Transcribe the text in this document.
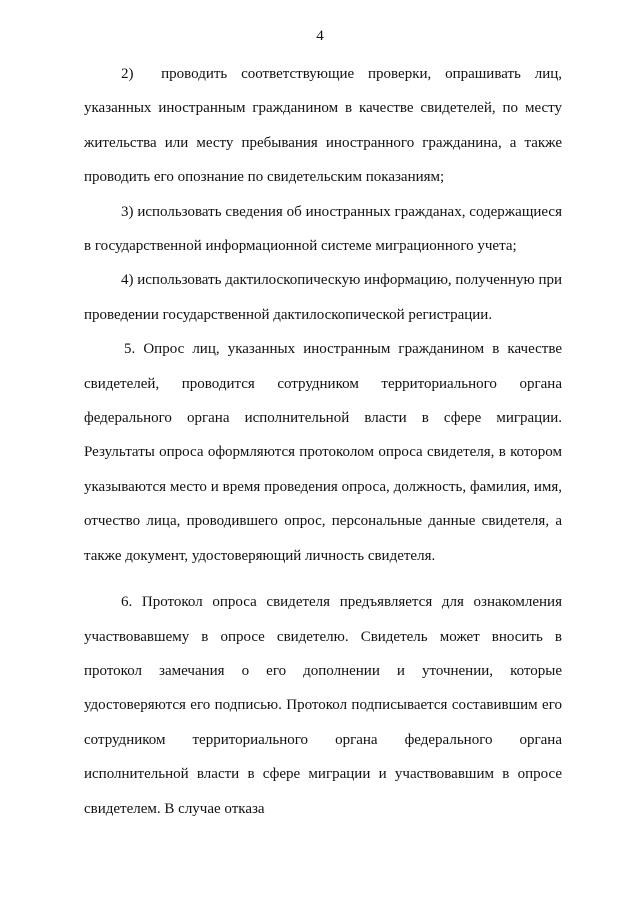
4

2)  проводить соответствующие проверки, опрашивать лиц, указанных иностранным гражданином в качестве свидетелей, по месту жительства или месту пребывания иностранного гражданина, а также проводить его опознание по свидетельским показаниям;

3) использовать сведения об иностранных гражданах, содержащиеся в государственной информационной системе миграционного учета;

4) использовать дактилоскопическую информацию, полученную при проведении государственной дактилоскопической регистрации.

5. Опрос лиц, указанных иностранным гражданином в качестве свидетелей, проводится сотрудником территориального органа федерального органа исполнительной власти в сфере миграции. Результаты опроса оформляются протоколом опроса свидетеля, в котором указываются место и время проведения опроса, должность, фамилия, имя, отчество лица, проводившего опрос, персональные данные свидетеля, а также документ, удостоверяющий личность свидетеля.

6. Протокол опроса свидетеля предъявляется для ознакомления участвовавшему в опросе свидетелю. Свидетель может вносить в протокол замечания о его дополнении и уточнении, которые удостоверяются его подписью. Протокол подписывается составившим его сотрудником территориального органа федерального органа исполнительной власти в сфере миграции и участвовавшим в опросе свидетелем. В случае отказа
